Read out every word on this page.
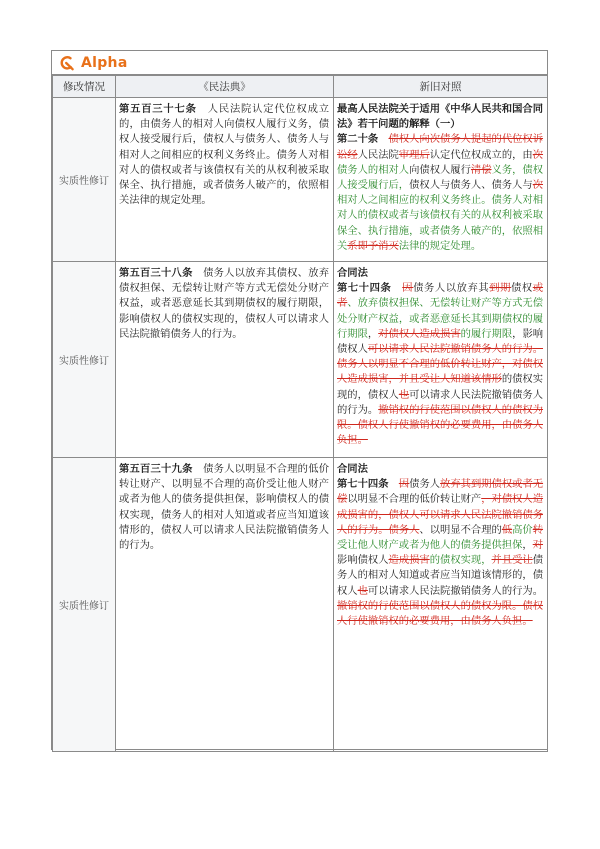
Alpha
修改情况	《民法典》	新旧对照
实质性修订	第五百三十七条　人民法院认定代位权成立的，由债务人的相对人向债权人履行义务，债权人接受履行后，债权人与债务人、债务人与相对人之间相应的权利义务终止。债务人对相对人的债权或者与该债权有关的从权利被采取保全、执行措施，或者债务人破产的，依照相关法律的规定处理。	最高人民法院关于适用《中华人民共和国合同法》若干问题的解释（一）
第二十条　 债权人向次债务人提起的代位权诉讼经人民法院审理后认定代位权成立的，由次债务人的相对人向债权人履行清偿义务，债权人接受履行后，债权人与债务人、债务人与次相对人之间相应的权利义务终止。债务人对相对人的债权或者与该债权有关的从权利被采取保全、执行措施，或者债务人破产的，依照相关系即予消灭法律的规定处理。
实质性修订	第五百三十八条　债务人以放弃其债权、放弃债权担保、无偿转让财产等方式无偿处分财产权益，或者恶意延长其到期债权的履行期限，影响债权人的债权实现的，债权人可以请求人民法院撤销债务人的行为。	合同法
第七十四条　 因债务人以放弃其到期债权或者、放弃债权担保、无偿转让财产等方式无偿处分财产权益，或者恶意延长其到期债权的履行期限，对债权人造成损害的履行期限，影响债权人可以请求人民法院撤销债务人的行为。债务人以明显不合理的低价转让财产，对债权人造成损害，并且受让人知道该情形的债权实现的，债权人也可以请求人民法院撤销债务人的行为。撤销权的行使范围以债权人的债权为限。债权人行使撤销权的必要费用，由债务人负担。
实质性修订	第五百三十九条　债务人以明显不合理的低价转让财产、以明显不合理的高价受让他人财产或者为他人的债务提供担保，影响债权人的债权实现，债务人的相对人知道或者应当知道该情形的，债权人可以请求人民法院撤销债务人的行为。	合同法
第七十四条　 因债务人放弃其到期债权或者无偿以明显不合理的低价转让财产，对债权人造成损害的，债权人可以请求人民法院撤销债务人的行为。债务人、以明显不合理的低高价转受让他人财产或者为他人的债务提供担保，对影响债权人造成损害的债权实现，并且受让债务人的相对人知道或者应当知道该情形的，债权人也可以请求人民法院撤销债务人的行为。撤销权的行使范围以债权人的债权为限。债权人行使撤销权的必要费用，由债务人负担。
